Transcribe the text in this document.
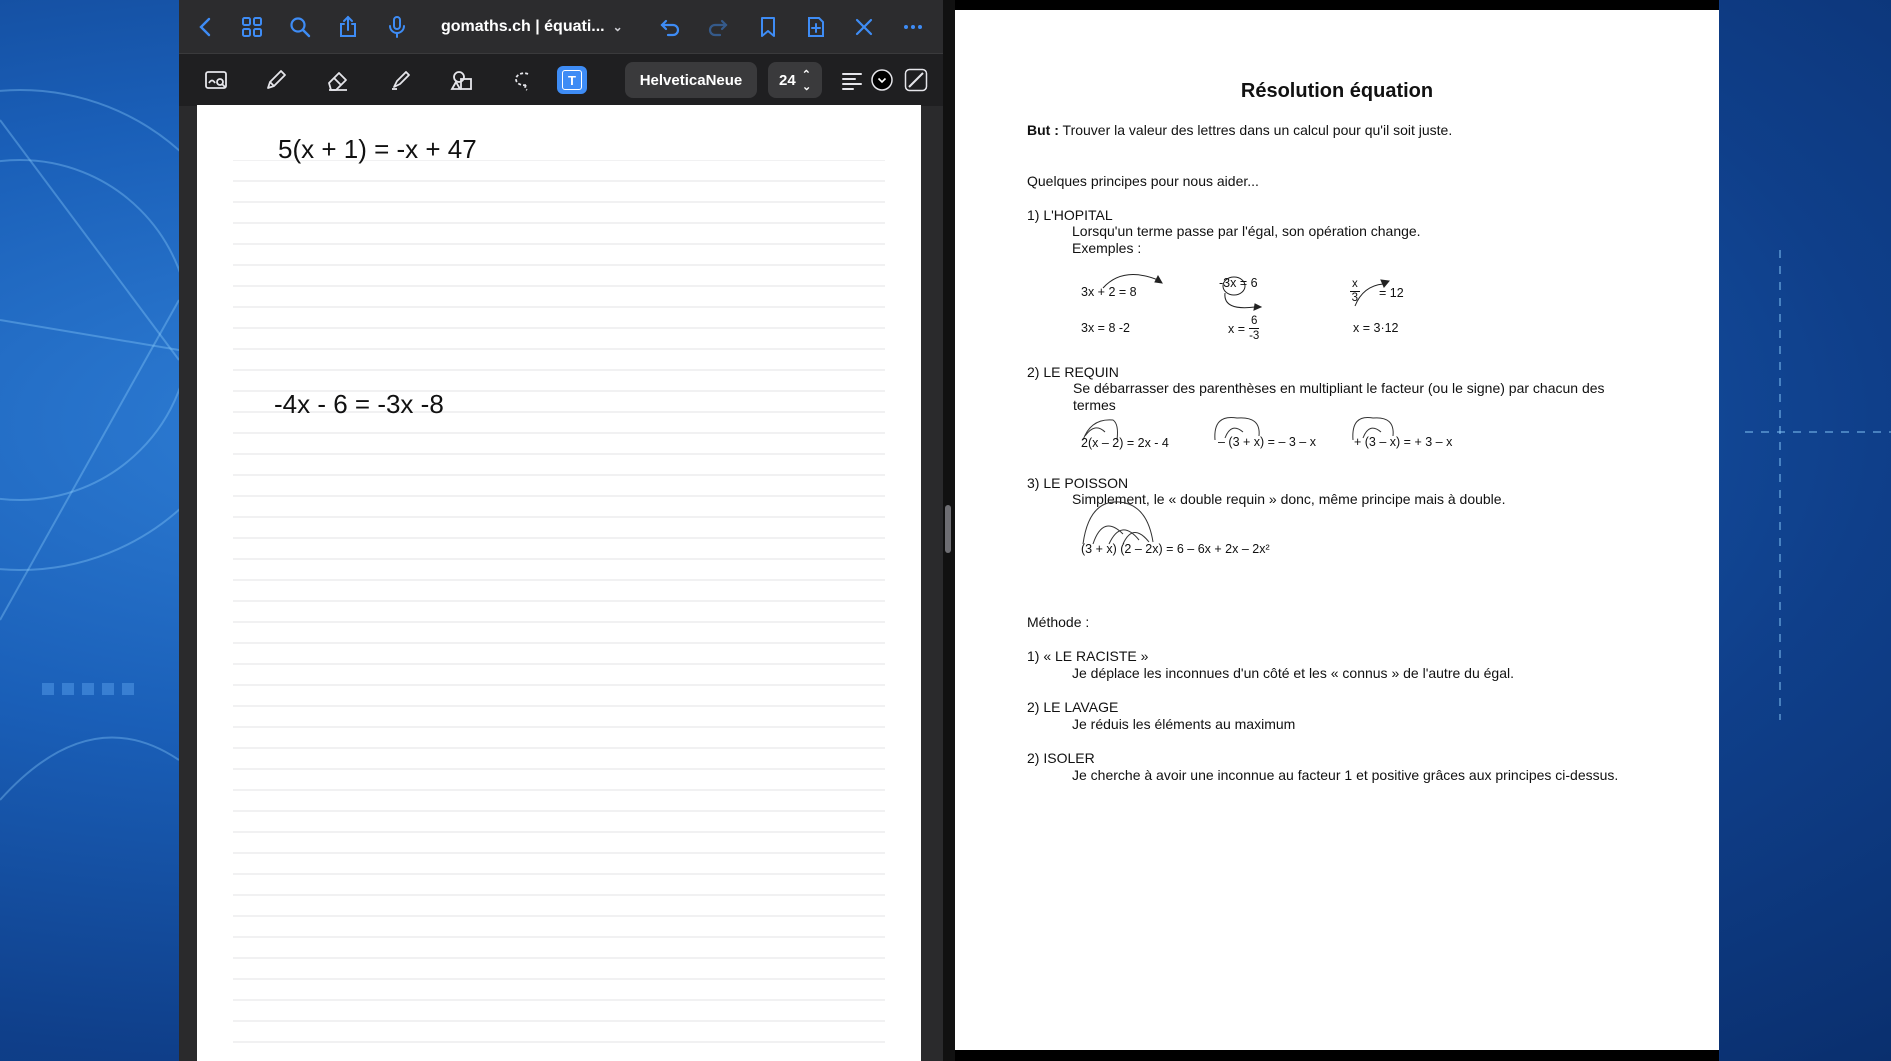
gomaths.ch | équati... ⌄
T	HelveticaNeue 24 ⌃
⌃
5(x + 1) = -x + 47
-4x - 6 = -3x -8
Résolution équation
But : Trouver la valeur des lettres dans un calcul pour qu'il soit juste.
Quelques principes pour nous aider...
1) L'HOPITAL
Lorsqu'un terme passe par l'égal, son opération change.
Exemples :
3x + 2 = 8
3x = 8 -2
-3x = 6
$x = \frac{6}{-3}$
$\frac{x}{3} = 12$
x = 3·12
2) LE REQUIN
Se débarrasser des parenthèses en multipliant le facteur (ou le signe) par chacun des
termes
2(x – 2) = 2x - 4	– (3 + x) = – 3 – x	+ (3 – x) = + 3 – x
3) LE POISSON
Simplement, le « double requin » donc, même principe mais à double.
(3 + x) (2 – 2x) = 6 – 6x + 2x – 2x²
Méthode :
1) « LE RACISTE »
Je déplace les inconnues d'un côté et les « connus » de l'autre du égal.
2) LE LAVAGE
Je réduis les éléments au maximum
2) ISOLER
Je cherche à avoir une inconnue au facteur 1 et positive grâces aux principes ci-dessus.
